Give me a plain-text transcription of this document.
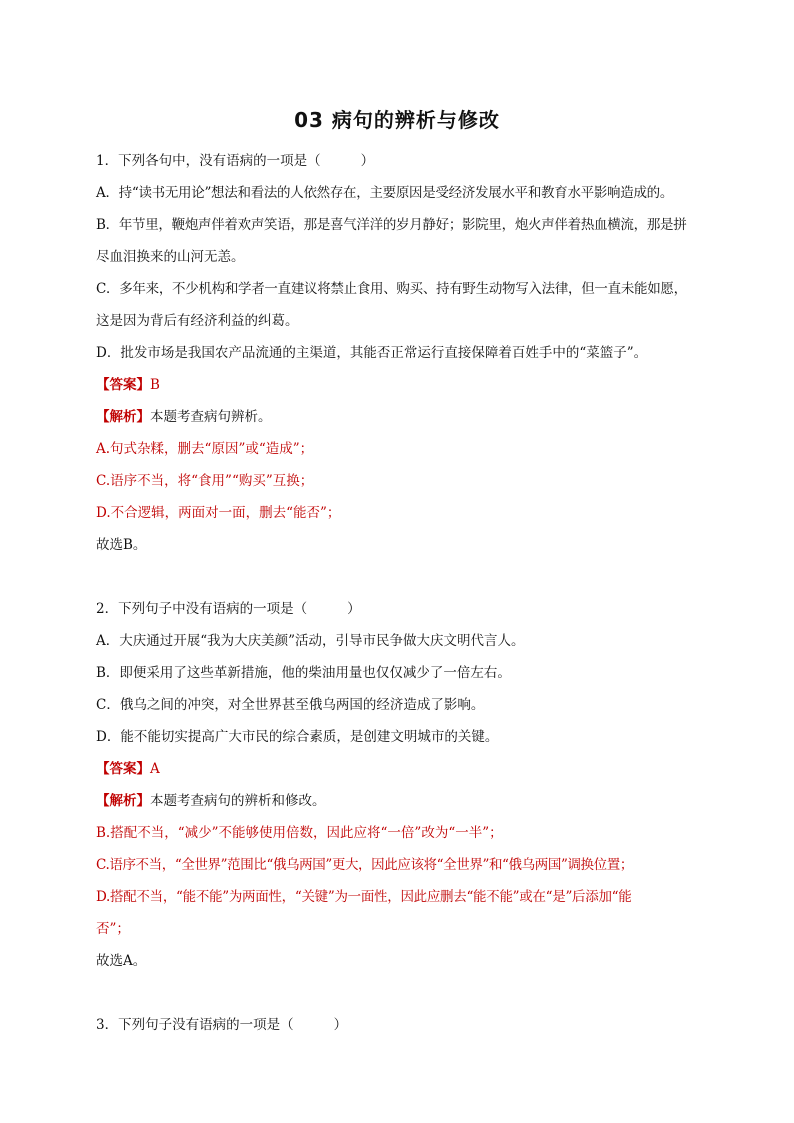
03 病句的辨析与修改

1．下列各句中，没有语病的一项是（	）

A．持“读书无用论”想法和看法的人依然存在，主要原因是受经济发展水平和教育水平影响造成的。

B．年节里，鞭炮声伴着欢声笑语，那是喜气洋洋的岁月静好；影院里，炮火声伴着热血横流，那是拼

尽血泪换来的山河无恙。

C．多年来，不少机构和学者一直建议将禁止食用、购买、持有野生动物写入法律，但一直未能如愿，

这是因为背后有经济利益的纠葛。

D．批发市场是我国农产品流通的主渠道，其能否正常运行直接保障着百姓手中的“菜篮子”。

【答案】B

【解析】本题考查病句辨析。

A.句式杂糅，删去“原因”或“造成”；

C.语序不当，将“食用”“购买”互换；

D.不合逻辑，两面对一面，删去“能否”；

故选B。

2．下列句子中没有语病的一项是（	）

A．大庆通过开展“我为大庆美颜”活动，引导市民争做大庆文明代言人。

B．即便采用了这些革新措施，他的柴油用量也仅仅减少了一倍左右。

C．俄乌之间的冲突，对全世界甚至俄乌两国的经济造成了影响。

D．能不能切实提高广大市民的综合素质，是创建文明城市的关键。

【答案】A

【解析】本题考查病句的辨析和修改。

B.搭配不当，“减少”不能够使用倍数，因此应将“一倍”改为“一半”；

C.语序不当，“全世界”范围比“俄乌两国”更大，因此应该将“全世界”和“俄乌两国”调换位置；

D.搭配不当，“能不能”为两面性，“关键”为一面性，因此应删去“能不能”或在“是”后添加“能

否”；

故选A。

3．下列句子没有语病的一项是（	）
